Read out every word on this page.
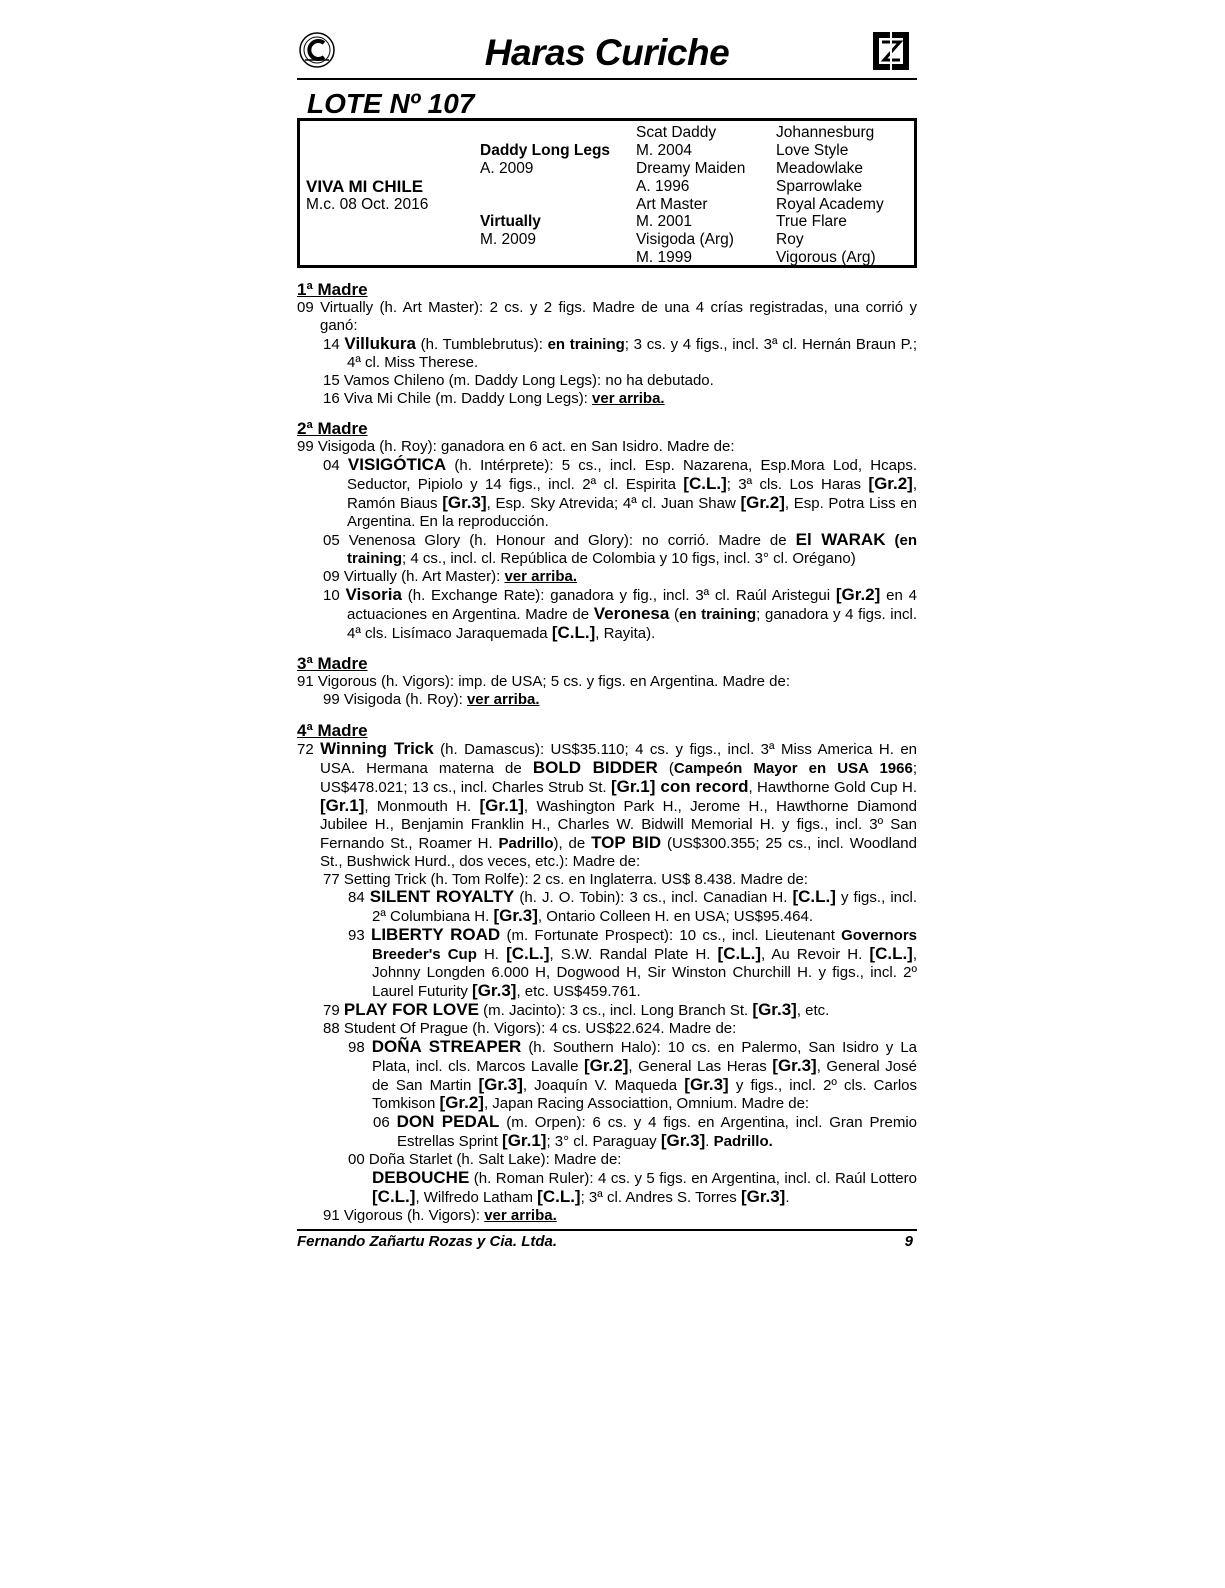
Haras Curiche
LOTE Nº 107
VIVA MI CHILE
M.c. 08 Oct. 2016
Daddy Long Legs
A. 2009
Virtually
M. 2009
Scat Daddy
M. 2004
Dreamy Maiden
A. 1996
Art Master
M. 2001
Visigoda (Arg)
M. 1999
Johannesburg
Love Style
Meadowlake
Sparrowlake
Royal Academy
True Flare
Roy
Vigorous (Arg)
1ª Madre
09 Virtually (h. Art Master): 2 cs. y 2 figs. Madre de una 4 crías registradas, una corrió y ganó:
14 Villukura (h. Tumblebrutus): en training; 3 cs. y 4 figs., incl. 3ª cl. Hernán Braun P.; 4ª cl. Miss Therese.
15 Vamos Chileno (m. Daddy Long Legs): no ha debutado.
16 Viva Mi Chile (m. Daddy Long Legs): ver arriba.
2ª Madre
99 Visigoda (h. Roy): ganadora en 6 act. en San Isidro. Madre de:
04 VISIGÓTICA (h. Intérprete): 5 cs., incl. Esp. Nazarena, Esp.Mora Lod, Hcaps. Seductor, Pipiolo y 14 figs., incl. 2ª cl. Espirita [C.L.]; 3ª cls. Los Haras [Gr.2], Ramón Biaus [Gr.3], Esp. Sky Atrevida; 4ª cl. Juan Shaw [Gr.2], Esp. Potra Liss en Argentina. En la reproducción.
05 Venenosa Glory (h. Honour and Glory): no corrió. Madre de El WARAK (en training; 4 cs., incl. cl. República de Colombia y 10 figs, incl. 3° cl. Orégano)
09 Virtually (h. Art Master): ver arriba.
10 Visoria (h. Exchange Rate): ganadora y fig., incl. 3ª cl. Raúl Aristegui [Gr.2] en 4 actuaciones en Argentina. Madre de Veronesa (en training; ganadora y 4 figs. incl. 4ª cls. Lisímaco Jaraquemada [C.L.], Rayita).
3ª Madre
91 Vigorous (h. Vigors): imp. de USA; 5 cs. y figs. en Argentina. Madre de:
99 Visigoda (h. Roy): ver arriba.
4ª Madre
72 Winning Trick (h. Damascus): US$35.110; 4 cs. y figs., incl. 3ª Miss America H. en USA. Hermana materna de BOLD BIDDER (Campeón Mayor en USA 1966; US$478.021; 13 cs., incl. Charles Strub St. [Gr.1] con record, Hawthorne Gold Cup H. [Gr.1], Monmouth H. [Gr.1], Washington Park H., Jerome H., Hawthorne Diamond Jubilee H., Benjamin Franklin H., Charles W. Bidwill Memorial H. y figs., incl. 3º San Fernando St., Roamer H. Padrillo), de TOP BID (US$300.355; 25 cs., incl. Woodland St., Bushwick Hurd., dos veces, etc.): Madre de:
77 Setting Trick (h. Tom Rolfe): 2 cs. en Inglaterra. US$ 8.438. Madre de:
84 SILENT ROYALTY (h. J. O. Tobin): 3 cs., incl. Canadian H. [C.L.] y figs., incl. 2ª Columbiana H. [Gr.3], Ontario Colleen H. en USA; US$95.464.
93 LIBERTY ROAD (m. Fortunate Prospect): 10 cs., incl. Lieutenant Governors Breeder's Cup H. [C.L.], S.W. Randal Plate H. [C.L.], Au Revoir H. [C.L.], Johnny Longden 6.000 H, Dogwood H, Sir Winston Churchill H. y figs., incl. 2º Laurel Futurity [Gr.3], etc. US$459.761.
79 PLAY FOR LOVE (m. Jacinto): 3 cs., incl. Long Branch St. [Gr.3], etc.
88 Student Of Prague (h. Vigors): 4 cs. US$22.624. Madre de:
98 DOÑA STREAPER (h. Southern Halo): 10 cs. en Palermo, San Isidro y La Plata, incl. cls. Marcos Lavalle [Gr.2], General Las Heras [Gr.3], General José de San Martin [Gr.3], Joaquín V. Maqueda [Gr.3] y figs., incl. 2º cls. Carlos Tomkison [Gr.2], Japan Racing Associattion, Omnium. Madre de:
06 DON PEDAL (m. Orpen): 6 cs. y 4 figs. en Argentina, incl. Gran Premio Estrellas Sprint [Gr.1]; 3° cl. Paraguay [Gr.3]. Padrillo.
00 Doña Starlet (h. Salt Lake): Madre de:
DEBOUCHE (h. Roman Ruler): 4 cs. y 5 figs. en Argentina, incl. cl. Raúl Lottero [C.L.], Wilfredo Latham [C.L.]; 3ª cl. Andres S. Torres [Gr.3].
91 Vigorous (h. Vigors): ver arriba.
Fernando Zañartu Rozas y Cia. Ltda.	9
